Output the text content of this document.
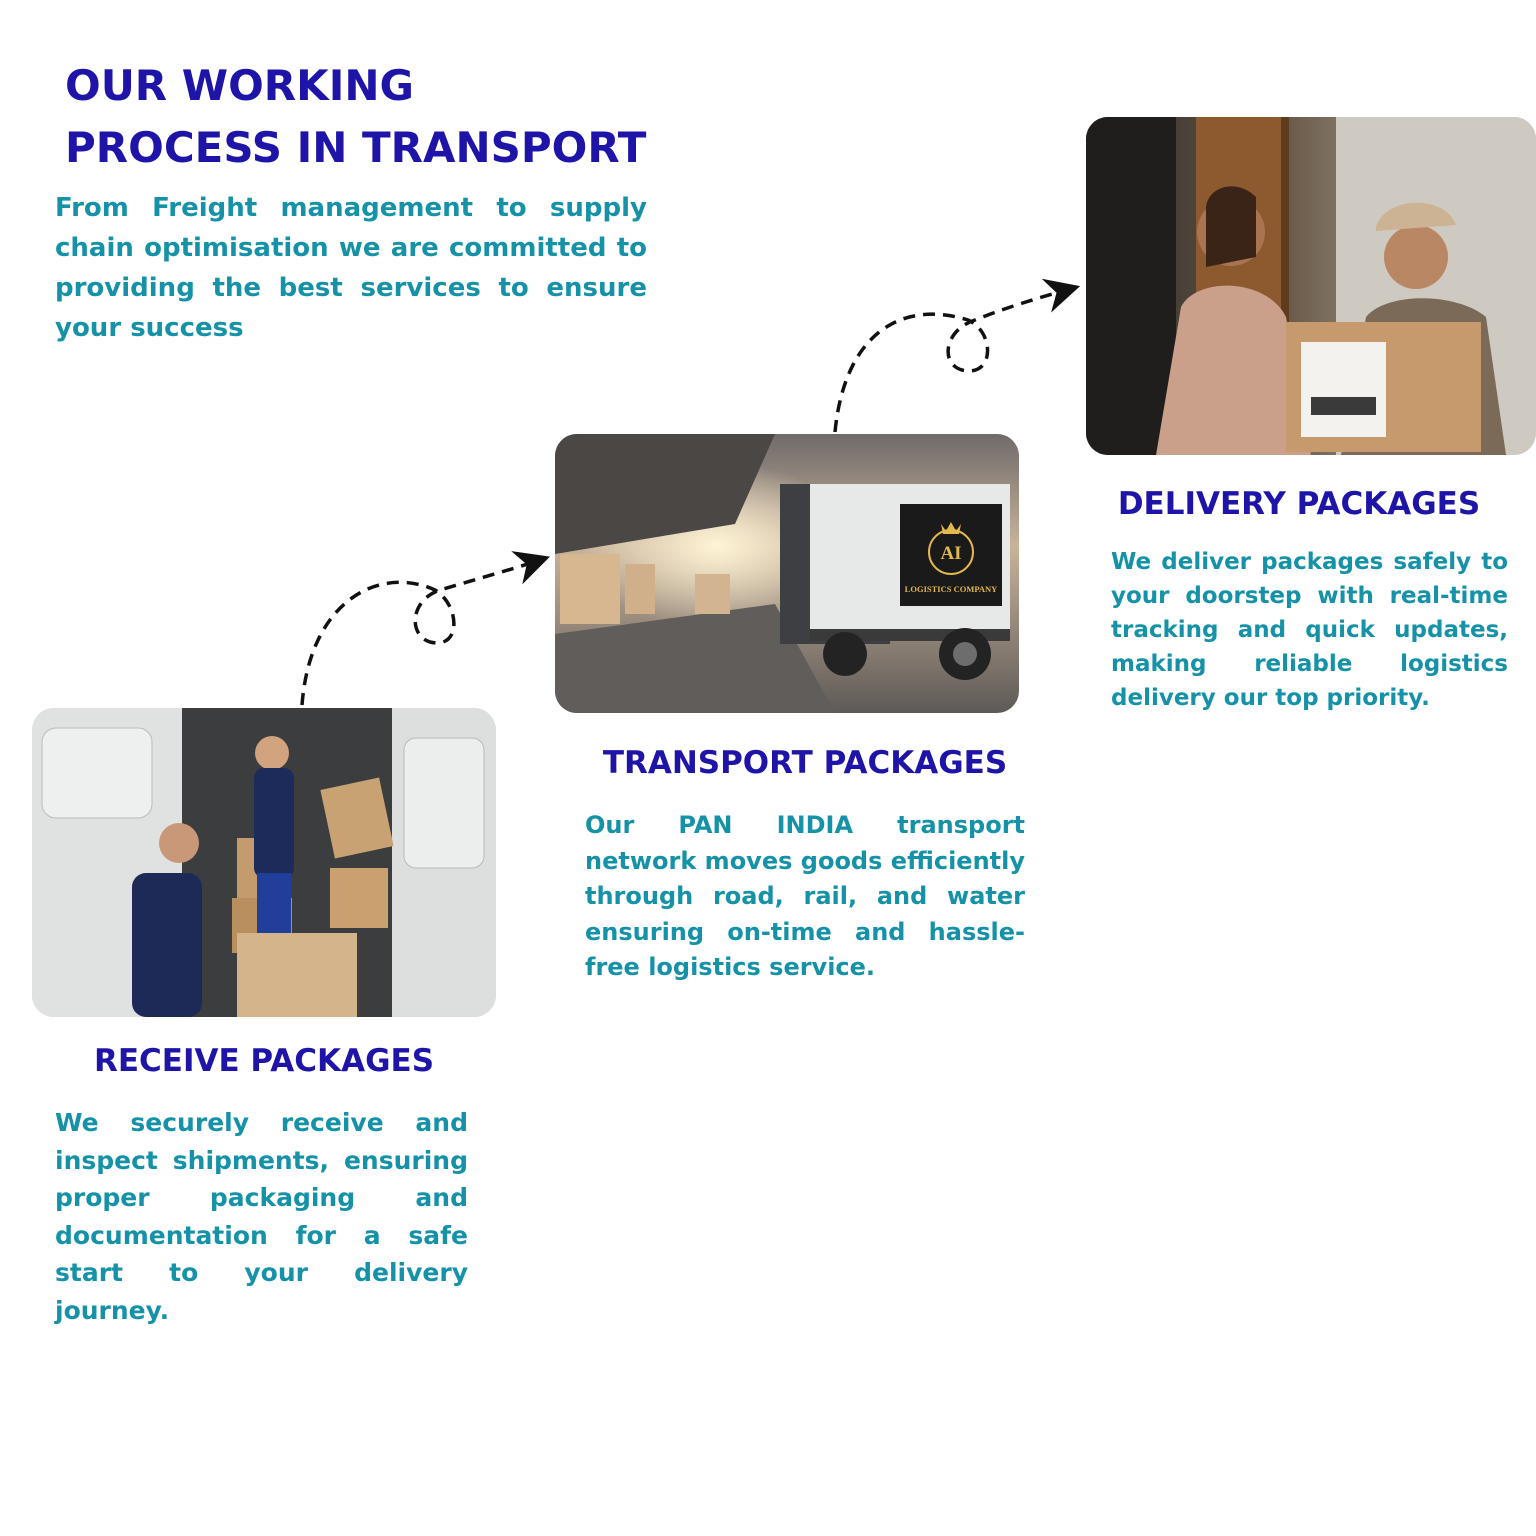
OUR WORKING
PROCESS IN TRANSPORT

From Freight management to supply chain optimisation we are committed to providing the best services to ensure your success

RECEIVE PACKAGES

We securely receive and inspect shipments, ensuring proper packaging and documentation for a safe start to your delivery journey.

AI
LOGISTICS COMPANY
TRANSPORT PACKAGES

Our PAN INDIA transport network moves goods efficiently through road, rail, and water ensuring on-time and hassle-free logistics service.

DELIVERY PACKAGES

We deliver packages safely to your doorstep with real-time tracking and quick updates, making reliable logistics delivery our top priority.
